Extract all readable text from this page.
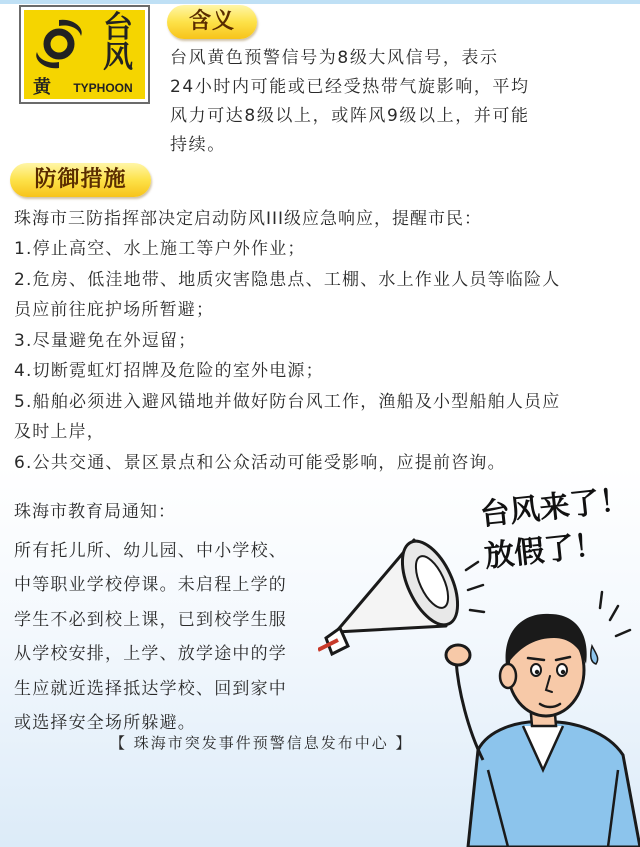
台
风
黄	TYPHOON
含义
台风黄色预警信号为8级大风信号，表示
24小时内可能或已经受热带气旋影响，平均
风力可达8级以上，或阵风9级以上，并可能
持续。
防御措施
珠海市三防指挥部决定启动防风III级应急响应，提醒市民：
1.停止高空、水上施工等户外作业；
2.危房、低洼地带、地质灾害隐患点、工棚、水上作业人员等临险人
员应前往庇护场所暂避；
3.尽量避免在外逗留；
4.切断霓虹灯招牌及危险的室外电源；
5.船舶必须进入避风锚地并做好防台风工作，渔船及小型船舶人员应
及时上岸，
6.公共交通、景区景点和公众活动可能受影响，应提前咨询。
珠海市教育局通知：
所有托儿所、幼儿园、中小学校、
中等职业学校停课。未启程上学的
学生不必到校上课，已到校学生服
从学校安排，上学、放学途中的学
生应就近选择抵达学校、回到家中
或选择安全场所躲避。
台风来了！
放假了！
【 珠海市突发事件预警信息发布中心 】
